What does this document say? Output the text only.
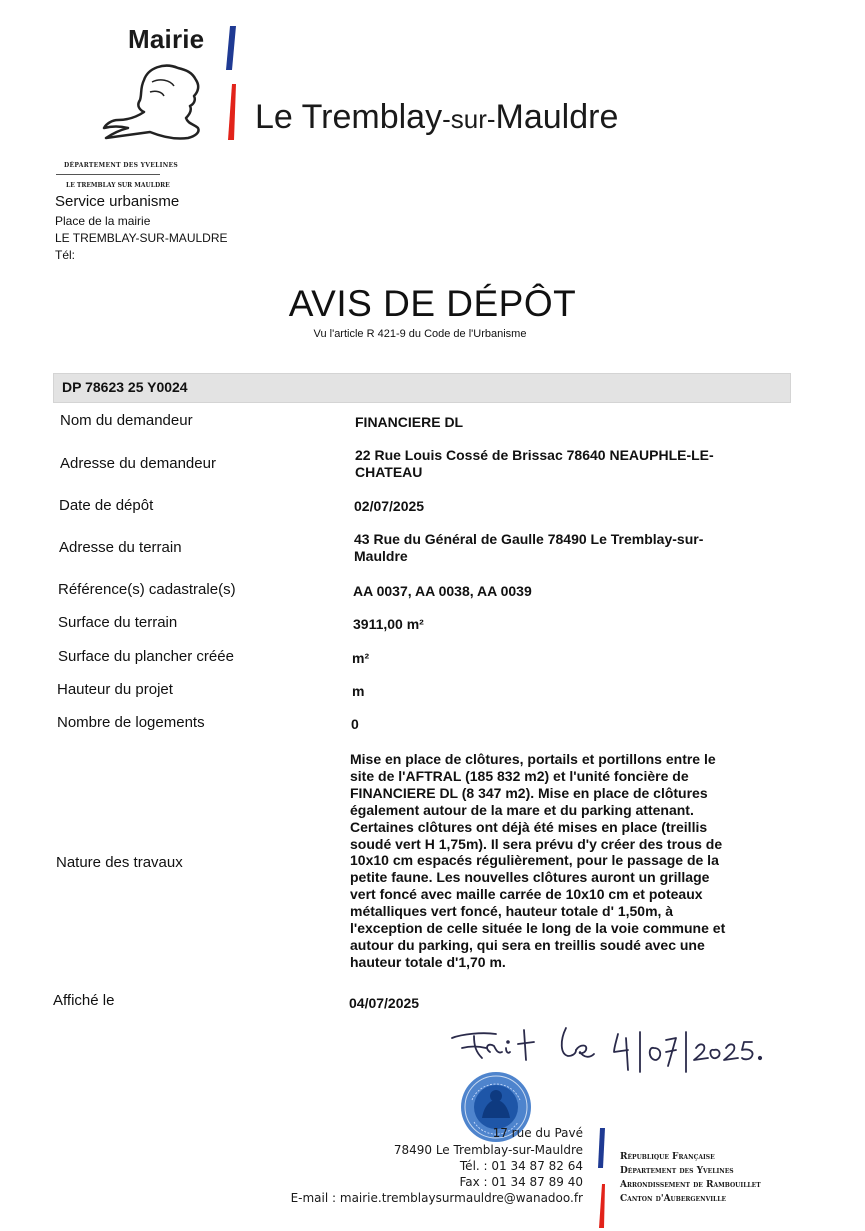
Mairie
Le Tremblay-sur-Mauldre
DÉPARTEMENT DES YVELINES
LE TREMBLAY SUR MAULDRE
Service urbanisme
Place de la mairie
LE TREMBLAY-SUR-MAULDRE
Tél:
AVIS DE DÉPÔT
Vu l'article R 421-9 du Code de l'Urbanisme
DP 78623 25 Y0024
Nom du demandeur	FINANCIERE DL
Adresse du demandeur	22 Rue Louis Cossé de Brissac 78640 NEAUPHLE-LE-
CHATEAU
Date de dépôt	02/07/2025
Adresse du terrain	43 Rue du Général de Gaulle 78490 Le Tremblay-sur-
Mauldre
Référence(s) cadastrale(s)	AA 0037, AA 0038, AA 0039
Surface du terrain	3911,00 m²
Surface du plancher créée	m²
Hauteur du projet	m
Nombre de logements	0
Nature des travaux
Mise en place de clôtures, portails et portillons entre le
site de l'AFTRAL (185 832 m2) et l'unité foncière de
FINANCIERE DL (8 347 m2). Mise en place de clôtures
également autour de la mare et du parking attenant.
Certaines clôtures ont déjà été mises en place (treillis
soudé vert H 1,75m). Il sera prévu d'y créer des trous de
10x10 cm espacés régulièrement, pour le passage de la
petite faune. Les nouvelles clôtures auront un grillage
vert foncé avec maille carrée de 10x10 cm et poteaux
métalliques vert foncé, hauteur totale d' 1,50m, à
l'exception de celle située le long de la voie commune et
autour du parking, qui sera en treillis soudé avec une
hauteur totale d'1,70 m.
Affiché le	04/07/2025
17 rue du Pavé
78490 Le Tremblay-sur-Mauldre
Tél. : 01 34 87 82 64
Fax : 01 34 87 89 40
E-mail : mairie.tremblaysurmauldre@wanadoo.fr
République Française
Département des Yvelines
Arrondissement de Rambouillet
Canton d'Aubergenville
